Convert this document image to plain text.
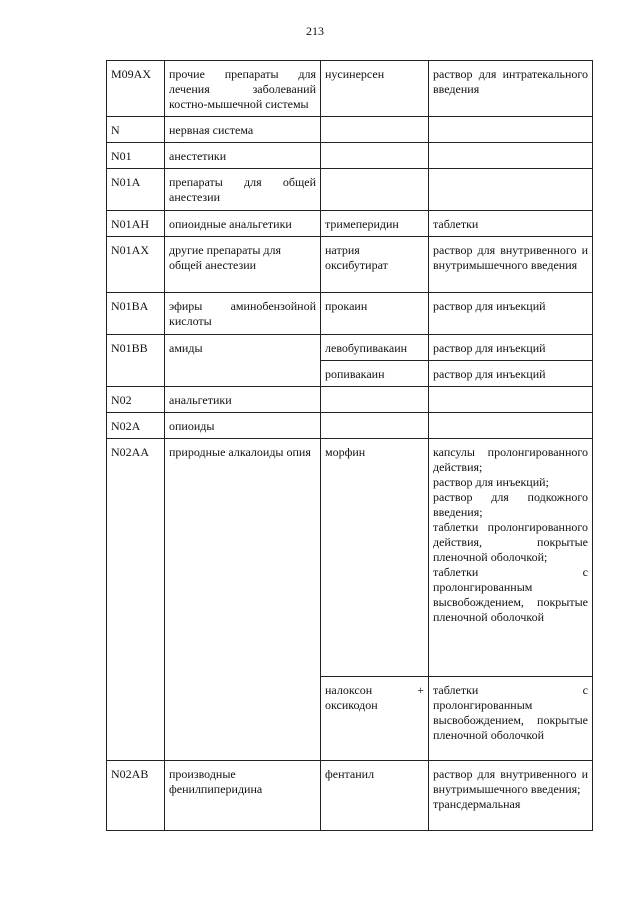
213
M09AX	прочие препараты для лечения заболеваний костно-мышечной системы	нусинерсен	раствор для интратекального введения
N	нервная система		
N01	анестетики		
N01A	препараты для общей анестезии		
N01AH	опиоидные анальгетики	тримеперидин	таблетки
N01AX	другие препараты для общей анестезии	натрия оксибутират	раствор для внутривенного и внутримышечного введения
N01BA	эфиры аминобензойной кислоты	прокаин	раствор для инъекций
N01BB	амиды	левобупивакаин	раствор для инъекций
		ропивакаин	раствор для инъекций
N02	анальгетики		
N02A	опиоиды		
N02AA	природные алкалоиды опия	морфин	капсулы пролонгированного действия;
раствор для инъекций;
раствор для подкожного введения;
таблетки пролонгированного действия, покрытые пленочной оболочкой;
таблетки с пролонгированным высвобождением, покрытые пленочной оболочкой

		налоксон +
оксикодон	таблетки с пролонгированным высвобождением, покрытые пленочной оболочкой
N02AB	производные фенилпиперидина	фентанил	раствор для внутривенного и внутримышечного введения;
трансдермальная
